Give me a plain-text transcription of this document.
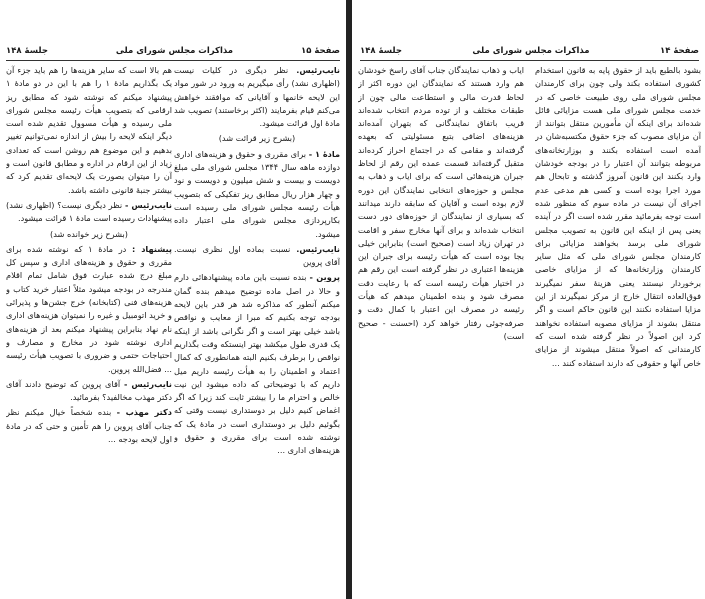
صفحهٔ ۱۵
مذاکرات مجلس شورای ملی
جلسهٔ ۱۴۸

نایب‌رئیس. نظر دیگری در کلیات نیست (اظهاری نشد) رأی میگیریم به ورود در شور مواد این لایحه خانمها و آقایانی که موافقند خواهش می‌کنم قیام بفرمایند (اکثر برخاستند) تصویب شد مادهٔ اول قرائت میشود.

(بشرح زیر قرائت شد)

مادهٔ ۱ - برای مقرری و حقوق و هزینه‌های اداری دوازده ماهه سال ۱۳۴۴ مجلس شورای ملی مبلغ دویست و بیست و شش میلیون و دویست و نود و چهار هزار ریال مطابق ریز تفکیکی که بتصویب هیأت رئیسه مجلس شورای ملی رسیده است بکارپردازی مجلس شورای ملی اعتبار داده میشود.

نایب‌رئیس. نسبت بماده اول نظری نیست. آقای پروین

پروین - بنده نسبت باین ماده پیشنهادهائی دارم و حالا در اصل ماده توضیح میدهم بنده گمان میکنم آنطور که مذاکره شد هر قدر باین لایحه بودجه توجه بکنیم که مبرا از معایب و نواقص باشد خیلی بهتر است و اگر نگرانی باشد از اینکه یک قدری طول میکشد بهتر اینستکه وقت بگذاریم نواقص را برطرف بکنیم البته همانطوری که کمال اعتماد و اطمینان را به هیأت رئیسه داریم میل داریم که با توضیحاتی که داده میشود این نیت خالص و احترام ما را بیشتر ثابت کند زیرا که اگر اغماض کنیم دلیل بر دوستداری نیست وقتی که بگوئیم دلیل بر دوستداری است در مادهٔ یک که نوشته شده است برای مقرری و حقوق و هزینه‌های اداری ...

هم بالا است که سایر هزینه‌ها را هم باید جزء آن یک بگذاریم مادهٔ ۱ را هم با این در دو مادهٔ ۱ پیشنهاد میکنم که نوشته شود که مطابق ریز ارقامی که بتصویب هیأت رئیسه مجلس شورای ملی رسیده و هیأت مسوول تقدیم شده است دیگر اینکه لایحه را بیش از اندازه نمی‌توانیم تغییر بدهیم و این موضوع هم روشن است که تعدادی زیاد از این ارقام در اداره و مطابق قانون است و آن را میتوان بصورت یک لایحه‌ای تقدیم کرد که بیشتر جنبهٔ قانونی داشته باشد.

نایب‌رئیس - نظر دیگری نیست؟ (اظهاری نشد) پیشنهادات رسیده است مادهٔ ۱ قرائت میشود.

(بشرح زیر خوانده شد)

پیشنهاد : در مادهٔ ۱ که نوشته شده برای مقرری و حقوق و هزینه‌های اداری و سپس کل مبلغ درج شده عبارت فوق شامل تمام اقلام مندرجه در بودجه میشود مثلاً اعتبار خرید کتاب و هزینه‌های فنی (کتابخانه) خرج جشن‌ها و پذیرائی و خرید اتومبیل و غیره را نمیتوان هزینه‌های اداری نام نهاد بنابراین پیشنهاد میکنم بعد از هزینه‌های اداری نوشته شود در مخارج و مصارف و احتیاجات حتمی و ضروری با تصویب هیأت رئیسه ... فضل‌الله پروین.

نایب‌رئیس - آقای پروین که توضیح دادند آقای دکتر مهذب مخالفید؟ بفرمائید.

دکتر مهذب - بنده شخصاً خیال میکنم نظر جناب آقای پروین را هم تأمین و حتی که در مادهٔ اول لایحه بودجه ...

صفحهٔ ۱۴
مذاکرات مجلس شورای ملی
جلسهٔ ۱۴۸

بشود بالطبع باید از حقوق پایه به قانون استخدام کشوری استفاده بکند ولی چون برای کارمندان مجلس شورای ملی روی طبیعت خاصی که در خدمت مجلس شورای ملی هست مزایائی قائل شده‌اند برای اینکه آن مأمورین منتقل بتوانند از آن مزایای مصوب که جزء حقوق مکتسبه‌شان در آمده است استفاده بکنند و بوزارتخانه‌های مربوطه بتوانند آن اعتبار را در بودجه خودشان وارد بکنند این قانون آمروز گذشته و تابحال هم مورد اجرا بوده است و کسی هم مدعی عدم اجرای آن نیست در ماده سوم که منظور شده است توجه بفرمائید مقرر شده است اگر در آینده یعنی پس از اینکه این قانون به تصویب مجلس شورای ملی برسد بخواهند مزایائی برای کارمندان مجلس شورای ملی که مثل سایر کارمندان وزارتخانه‌ها که از مزایای خاصی برخوردار نیستند یعنی هزینهٔ سفر نمیگیرند فوق‌العاده انتقال خارج از مرکز نمیگیرند از این مزایا استفاده نکنند این قانون حاکم است و اگر منتقل بشوند از مزایای مصوبه استفاده نخواهند کرد این اصولاً در نظر گرفته شده است که کارمندانی که اصولاً منتقل میشوند از مزایای خاص آنها و حقوقی که دارند استفاده کنند ...

ایاب و ذهاب نمایندگان جناب آقای راسخ خودشان هم وارد هستند که نمایندگان این دوره اکثر از لحاظ قدرت مالی و استطاعت مالی چون از طبقات مختلف و از توده مردم انتخاب شده‌اند قریب باتفاق نمایندگانی که بتهران آمده‌اند هزینه‌های اضافی بتبع مسئولیتی که بعهده گرفته‌اند و مقامی که در اجتماع احراز کرده‌اند متقبل گرفته‌اند قسمت عمده این رقم از لحاظ جبران هزینه‌هائی است که برای ایاب و ذهاب به مجلس و حوزه‌های انتخابی نمایندگان این دوره لازم بوده است و آقایان که سابقه دارند میدانند که بسیاری از نمایندگان از حوزه‌های دور دست انتخاب شده‌اند و برای آنها مخارج سفر و اقامت در تهران زیاد است (صحیح است) بنابراین خیلی بجا بوده است که هیأت رئیسه برای جبران این هزینه‌ها اعتباری در نظر گرفته است این رقم هم در اختیار هیأت رئیسه است که با رعایت دقت مصرف شود و بنده اطمینان میدهم که هیأت رئیسه در مصرف این اعتبار با کمال دقت و صرفه‌جوئی رفتار خواهد کرد (احسنت - صحیح است)
